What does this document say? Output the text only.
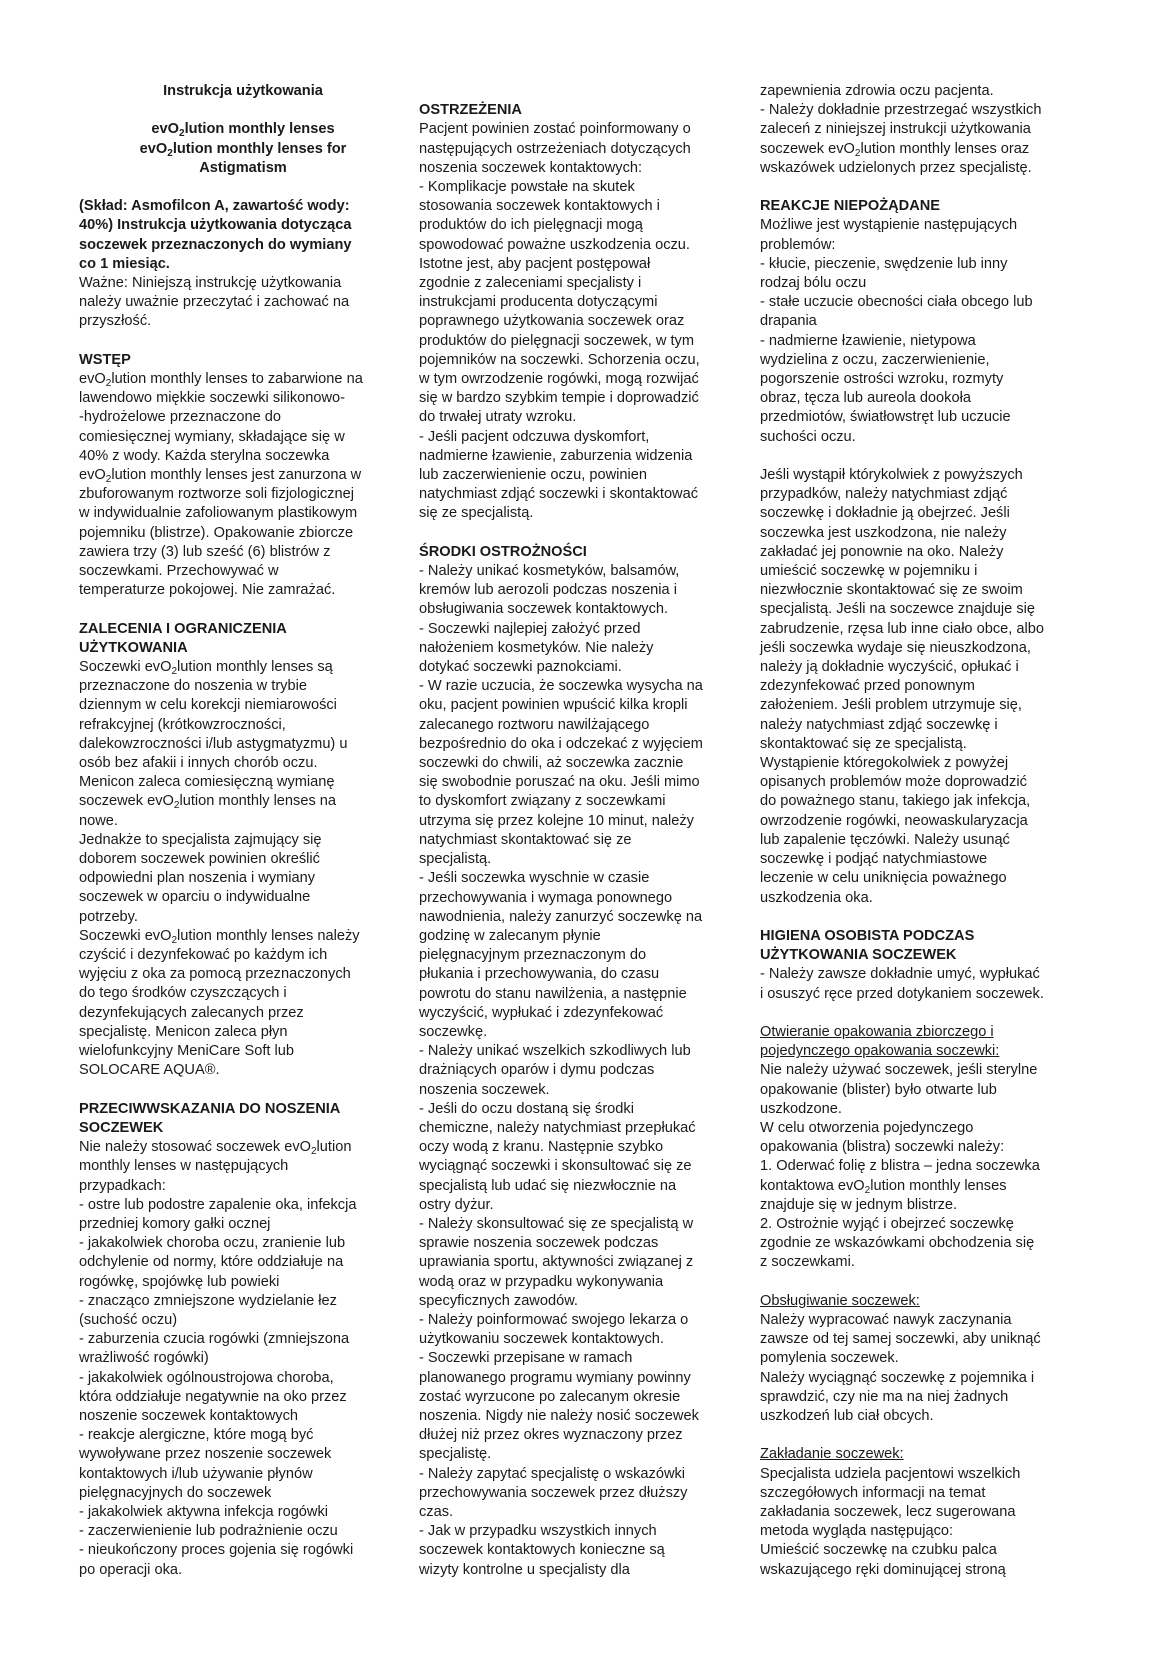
Instrukcja użytkowania
evO$_2$lution monthly lenses
evO$_2$lution monthly lenses for
Astigmatism
(Skład: Asmofilcon A, zawartość wody:
40%) Instrukcja użytkowania dotycząca
soczewek przeznaczonych do wymiany
co 1 miesiąc.
Ważne: Niniejszą instrukcję użytkowania
należy uważnie przeczytać i zachować na
przyszłość.
WSTĘP
evO$_2$lution monthly lenses to zabarwione na
lawendowo miękkie soczewki silikonowo-
-hydrożelowe przeznaczone do
comiesięcznej wymiany, składające się w
40% z wody. Każda sterylna soczewka
evO$_2$lution monthly lenses jest zanurzona w
zbuforowanym roztworze soli fizjologicznej
w indywidualnie zafoliowanym plastikowym
pojemniku (blistrze). Opakowanie zbiorcze
zawiera trzy (3) lub sześć (6) blistrów z
soczewkami. Przechowywać w
temperaturze pokojowej. Nie zamrażać.
ZALECENIA I OGRANICZENIA
UŻYTKOWANIA
Soczewki evO$_2$lution monthly lenses są
przeznaczone do noszenia w trybie
dziennym w celu korekcji niemiarowości
refrakcyjnej (krótkowzroczności,
dalekowzroczności i/lub astygmatyzmu) u
osób bez afakii i innych chorób oczu.
Menicon zaleca comiesięczną wymianę
soczewek evO$_2$lution monthly lenses na
nowe.
Jednakże to specjalista zajmujący się
doborem soczewek powinien określić
odpowiedni plan noszenia i wymiany
soczewek w oparciu o indywidualne
potrzeby.
Soczewki evO$_2$lution monthly lenses należy
czyścić i dezynfekować po każdym ich
wyjęciu z oka za pomocą przeznaczonych
do tego środków czyszczących i
dezynfekujących zalecanych przez
specjalistę. Menicon zaleca płyn
wielofunkcyjny MeniCare Soft lub
SOLOCARE AQUA®.
PRZECIWWSKAZANIA DO NOSZENIA
SOCZEWEK
Nie należy stosować soczewek evO$_2$lution
monthly lenses w następujących
przypadkach:
- ostre lub podostre zapalenie oka, infekcja
przedniej komory gałki ocznej
- jakakolwiek choroba oczu, zranienie lub
odchylenie od normy, które oddziałuje na
rogówkę, spojówkę lub powieki
- znacząco zmniejszone wydzielanie łez
(suchość oczu)
- zaburzenia czucia rogówki (zmniejszona
wrażliwość rogówki)
- jakakolwiek ogólnoustrojowa choroba,
która oddziałuje negatywnie na oko przez
noszenie soczewek kontaktowych
- reakcje alergiczne, które mogą być
wywoływane przez noszenie soczewek
kontaktowych i/lub używanie płynów
pielęgnacyjnych do soczewek
- jakakolwiek aktywna infekcja rogówki
- zaczerwienienie lub podrażnienie oczu
- nieukończony proces gojenia się rogówki
po operacji oka.
OSTRZEŻENIA
Pacjent powinien zostać poinformowany o
następujących ostrzeżeniach dotyczących
noszenia soczewek kontaktowych:
- Komplikacje powstałe na skutek
stosowania soczewek kontaktowych i
produktów do ich pielęgnacji mogą
spowodować poważne uszkodzenia oczu.
Istotne jest, aby pacjent postępował
zgodnie z zaleceniami specjalisty i
instrukcjami producenta dotyczącymi
poprawnego użytkowania soczewek oraz
produktów do pielęgnacji soczewek, w tym
pojemników na soczewki. Schorzenia oczu,
w tym owrzodzenie rogówki, mogą rozwijać
się w bardzo szybkim tempie i doprowadzić
do trwałej utraty wzroku.
- Jeśli pacjent odczuwa dyskomfort,
nadmierne łzawienie, zaburzenia widzenia
lub zaczerwienienie oczu, powinien
natychmiast zdjąć soczewki i skontaktować
się ze specjalistą.
ŚRODKI OSTROŻNOŚCI
- Należy unikać kosmetyków, balsamów,
kremów lub aerozoli podczas noszenia i
obsługiwania soczewek kontaktowych.
- Soczewki najlepiej założyć przed
nałożeniem kosmetyków. Nie należy
dotykać soczewki paznokciami.
- W razie uczucia, że soczewka wysycha na
oku, pacjent powinien wpuścić kilka kropli
zalecanego roztworu nawilżającego
bezpośrednio do oka i odczekać z wyjęciem
soczewki do chwili, aż soczewka zacznie
się swobodnie poruszać na oku. Jeśli mimo
to dyskomfort związany z soczewkami
utrzyma się przez kolejne 10 minut, należy
natychmiast skontaktować się ze
specjalistą.
- Jeśli soczewka wyschnie w czasie
przechowywania i wymaga ponownego
nawodnienia, należy zanurzyć soczewkę na
godzinę w zalecanym płynie
pielęgnacyjnym przeznaczonym do
płukania i przechowywania, do czasu
powrotu do stanu nawilżenia, a następnie
wyczyścić, wypłukać i zdezynfekować
soczewkę.
- Należy unikać wszelkich szkodliwych lub
drażniących oparów i dymu podczas
noszenia soczewek.
- Jeśli do oczu dostaną się środki
chemiczne, należy natychmiast przepłukać
oczy wodą z kranu. Następnie szybko
wyciągnąć soczewki i skonsultować się ze
specjalistą lub udać się niezwłocznie na
ostry dyżur.
- Należy skonsultować się ze specjalistą w
sprawie noszenia soczewek podczas
uprawiania sportu, aktywności związanej z
wodą oraz w przypadku wykonywania
specyficznych zawodów.
- Należy poinformować swojego lekarza o
użytkowaniu soczewek kontaktowych.
- Soczewki przepisane w ramach
planowanego programu wymiany powinny
zostać wyrzucone po zalecanym okresie
noszenia. Nigdy nie należy nosić soczewek
dłużej niż przez okres wyznaczony przez
specjalistę.
- Należy zapytać specjalistę o wskazówki
przechowywania soczewek przez dłuższy
czas.
- Jak w przypadku wszystkich innych
soczewek kontaktowych konieczne są
wizyty kontrolne u specjalisty dla
zapewnienia zdrowia oczu pacjenta.
- Należy dokładnie przestrzegać wszystkich
zaleceń z niniejszej instrukcji użytkowania
soczewek evO$_2$lution monthly lenses oraz
wskazówek udzielonych przez specjalistę.
REAKCJE NIEPOŻĄDANE
Możliwe jest wystąpienie następujących
problemów:
- kłucie, pieczenie, swędzenie lub inny
rodzaj bólu oczu
- stałe uczucie obecności ciała obcego lub
drapania
- nadmierne łzawienie, nietypowa
wydzielina z oczu, zaczerwienienie,
pogorszenie ostrości wzroku, rozmyty
obraz, tęcza lub aureola dookoła
przedmiotów, światłowstręt lub uczucie
suchości oczu.
Jeśli wystąpił którykolwiek z powyższych
przypadków, należy natychmiast zdjąć
soczewkę i dokładnie ją obejrzeć. Jeśli
soczewka jest uszkodzona, nie należy
zakładać jej ponownie na oko. Należy
umieścić soczewkę w pojemniku i
niezwłocznie skontaktować się ze swoim
specjalistą. Jeśli na soczewce znajduje się
zabrudzenie, rzęsa lub inne ciało obce, albo
jeśli soczewka wydaje się nieuszkodzona,
należy ją dokładnie wyczyścić, opłukać i
zdezynfekować przed ponownym
założeniem. Jeśli problem utrzymuje się,
należy natychmiast zdjąć soczewkę i
skontaktować się ze specjalistą.
Wystąpienie któregokolwiek z powyżej
opisanych problemów może doprowadzić
do poważnego stanu, takiego jak infekcja,
owrzodzenie rogówki, neowaskularyzacja
lub zapalenie tęczówki. Należy usunąć
soczewkę i podjąć natychmiastowe
leczenie w celu uniknięcia poważnego
uszkodzenia oka.
HIGIENA OSOBISTA PODCZAS
UŻYTKOWANIA SOCZEWEK
- Należy zawsze dokładnie umyć, wypłukać
i osuszyć ręce przed dotykaniem soczewek.
Otwieranie opakowania zbiorczego i
pojedynczego opakowania soczewki:
Nie należy używać soczewek, jeśli sterylne
opakowanie (blister) było otwarte lub
uszkodzone.
W celu otworzenia pojedynczego
opakowania (blistra) soczewki należy:
1. Oderwać folię z blistra – jedna soczewka
kontaktowa evO$_2$lution monthly lenses
znajduje się w jednym blistrze.
2. Ostrożnie wyjąć i obejrzeć soczewkę
zgodnie ze wskazówkami obchodzenia się
z soczewkami.
Obsługiwanie soczewek:
Należy wypracować nawyk zaczynania
zawsze od tej samej soczewki, aby uniknąć
pomylenia soczewek.
Należy wyciągnąć soczewkę z pojemnika i
sprawdzić, czy nie ma na niej żadnych
uszkodzeń lub ciał obcych.
Zakładanie soczewek:
Specjalista udziela pacjentowi wszelkich
szczegółowych informacji na temat
zakładania soczewek, lecz sugerowana
metoda wygląda następująco:
Umieścić soczewkę na czubku palca
wskazującego ręki dominującej stroną
